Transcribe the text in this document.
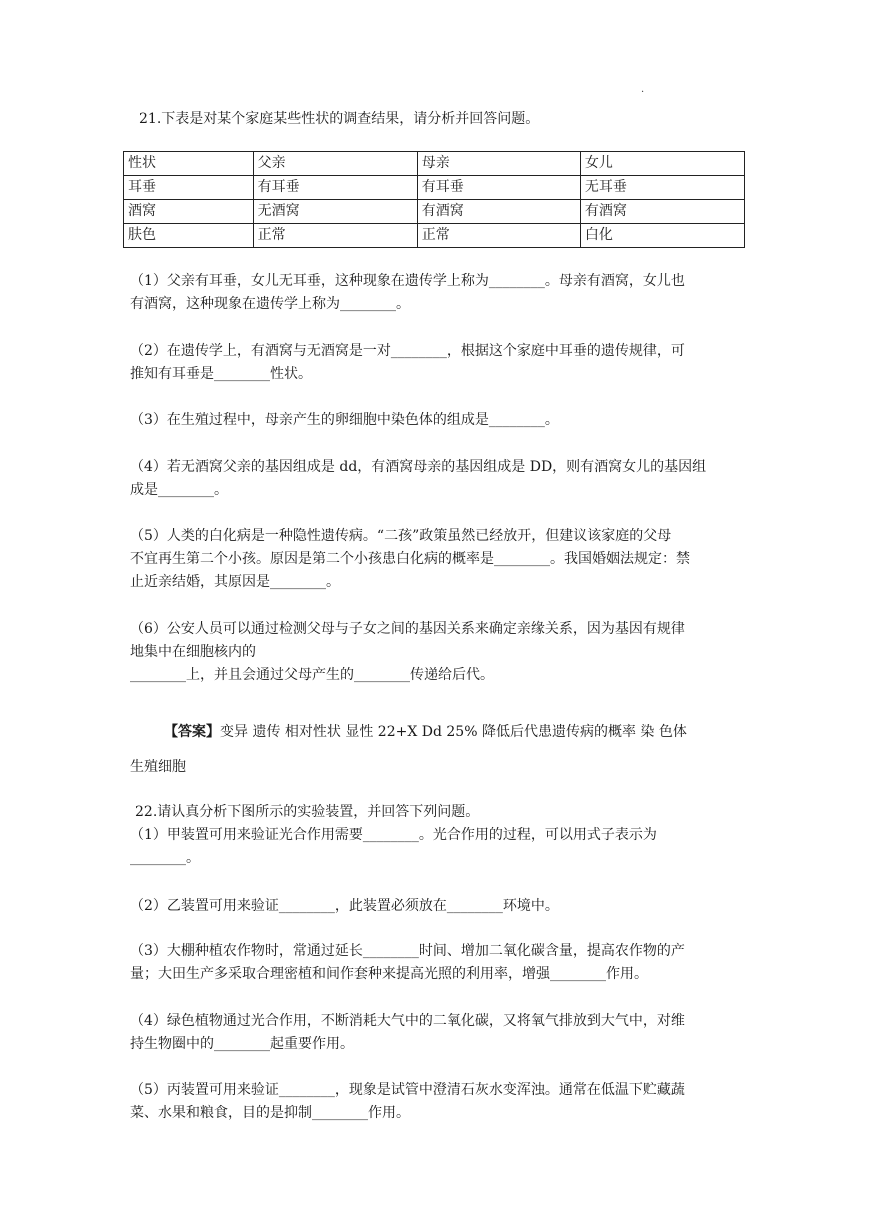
·
21.下表是对某个家庭某些性状的调查结果，请分析并回答问题。
性状	父亲	母亲	女儿
耳垂	有耳垂	有耳垂	无耳垂
酒窝	无酒窝	有酒窝	有酒窝
肤色	正常	正常	白化
（1）父亲有耳垂，女儿无耳垂，这种现象在遗传学上称为________。母亲有酒窝，女儿也
有酒窝，这种现象在遗传学上称为________。
（2）在遗传学上，有酒窝与无酒窝是一对________，根据这个家庭中耳垂的遗传规律，可
推知有耳垂是________性状。
（3）在生殖过程中，母亲产生的卵细胞中染色体的组成是________。
（4）若无酒窝父亲的基因组成是 dd，有酒窝母亲的基因组成是 DD，则有酒窝女儿的基因组
成是________。
（5）人类的白化病是一种隐性遗传病。“二孩”政策虽然已经放开，但建议该家庭的父母
不宜再生第二个小孩。原因是第二个小孩患白化病的概率是________。我国婚姻法规定：禁
止近亲结婚，其原因是________。
（6）公安人员可以通过检测父母与子女之间的基因关系来确定亲缘关系，因为基因有规律
地集中在细胞核内的
________上，并且会通过父母产生的________传递给后代。
【答案】变异 遗传 相对性状 显性 22+X Dd 25% 降低后代患遗传病的概率 染 色体
生殖细胞
22.请认真分析下图所示的实验装置，并回答下列问题。
（1）甲装置可用来验证光合作用需要________。光合作用的过程，可以用式子表示为
________。
（2）乙装置可用来验证________，此装置必须放在________环境中。
（3）大棚种植农作物时，常通过延长________时间、增加二氧化碳含量，提高农作物的产
量；大田生产多采取合理密植和间作套种来提高光照的利用率，增强________作用。
（4）绿色植物通过光合作用，不断消耗大气中的二氧化碳，又将氧气排放到大气中，对维
持生物圈中的________起重要作用。
（5）丙装置可用来验证________，现象是试管中澄清石灰水变浑浊。通常在低温下贮藏蔬
菜、水果和粮食，目的是抑制________作用。
